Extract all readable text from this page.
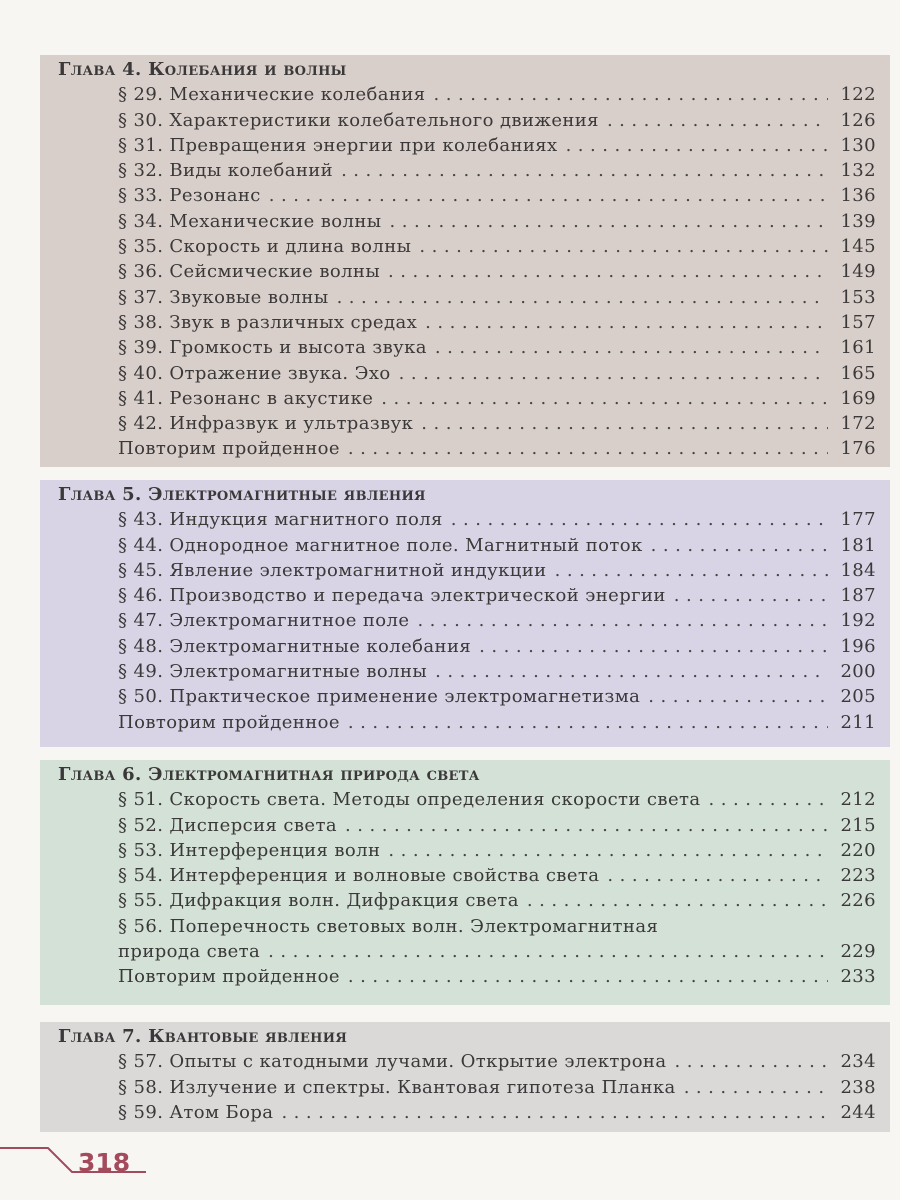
Глава 4. Колебания и волны
§ 29. Механические колебания . . .	122
§ 30. Характеристики колебательного движения . . .	126
§ 31. Превращения энергии при колебаниях . . .	130
§ 32. Виды колебаний . . .	132
§ 33. Резонанс . . .	136
§ 34. Механические волны . . .	139
§ 35. Скорость и длина волны . . .	145
§ 36. Сейсмические волны . . .	149
§ 37. Звуковые волны . . .	153
§ 38. Звук в различных средах . . .	157
§ 39. Громкость и высота звука . . .	161
§ 40. Отражение звука. Эхо . . .	165
§ 41. Резонанс в акустике . . .	169
§ 42. Инфразвук и ультразвук . . .	172
Повторим пройденное . . .	176
Глава 5. Электромагнитные явления
§ 43. Индукция магнитного поля . . .	177
§ 44. Однородное магнитное поле. Магнитный поток . . .	181
§ 45. Явление электромагнитной индукции . . .	184
§ 46. Производство и передача электрической энергии . . .	187
§ 47. Электромагнитное поле . . .	192
§ 48. Электромагнитные колебания . . .	196
§ 49. Электромагнитные волны . . .	200
§ 50. Практическое применение электромагнетизма . . .	205
Повторим пройденное . . .	211
Глава 6. Электромагнитная природа света
§ 51. Скорость света. Методы определения скорости света . . .	212
§ 52. Дисперсия света . . .	215
§ 53. Интерференция волн . . .	220
§ 54. Интерференция и волновые свойства света . . .	223
§ 55. Дифракция волн. Дифракция света . . .	226
§ 56. Поперечность световых волн. Электромагнитная
природа света . . .	229
Повторим пройденное . . .	233
Глава 7. Квантовые явления
§ 57. Опыты с катодными лучами. Открытие электрона . . .	234
§ 58. Излучение и спектры. Квантовая гипотеза Планка . . .	238
§ 59. Атом Бора . . .	244
318
